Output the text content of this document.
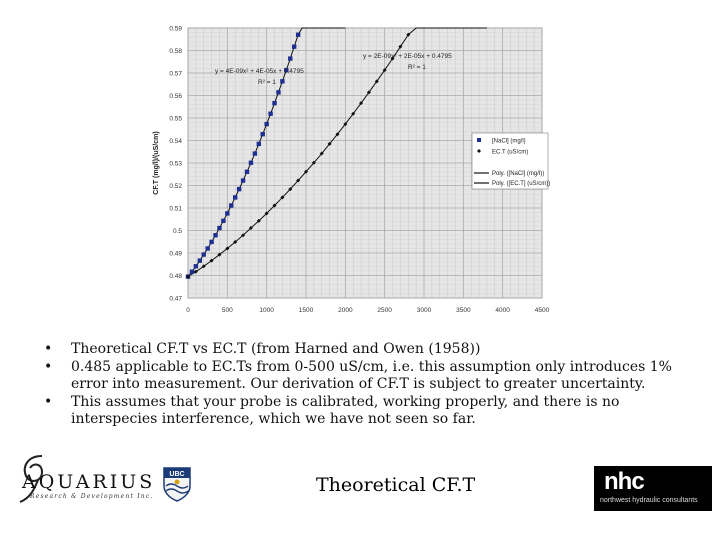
0.47
0.48
0.49
0.5
0.51
0.52
0.53
0.54
0.55
0.56
0.57
0.58
0.59
0	500	1000	1500	2000	2500	3000	3500	4000	4500
CF.T (mg/l)/(uS/cm)
y = 4E-09x² + 4E-05x + 0.4795
R² = 1
y = 2E-09x² + 2E-05x + 0.4795
R² = 1
[NaCl] (mg/l)
EC.T (uS/cm)
Poly. ([NaCl] (mg/l))
Poly. ([EC.T] (uS/cm))
• Theoretical CF.T vs EC.T (from Harned and Owen (1958))
• 0.485 applicable to EC.Ts from 0-500 uS/cm, i.e. this assumption only introduces 1% error into measurement. Our derivation of CF.T is subject to greater uncertainty.
• This assumes that your probe is calibrated, working properly, and there is no interspecies interference, which we have not seen so far.
AQUARIUS
Research & Development Inc.
UBC	Theoretical CF.T	nhc
northwest hydraulic consultants
